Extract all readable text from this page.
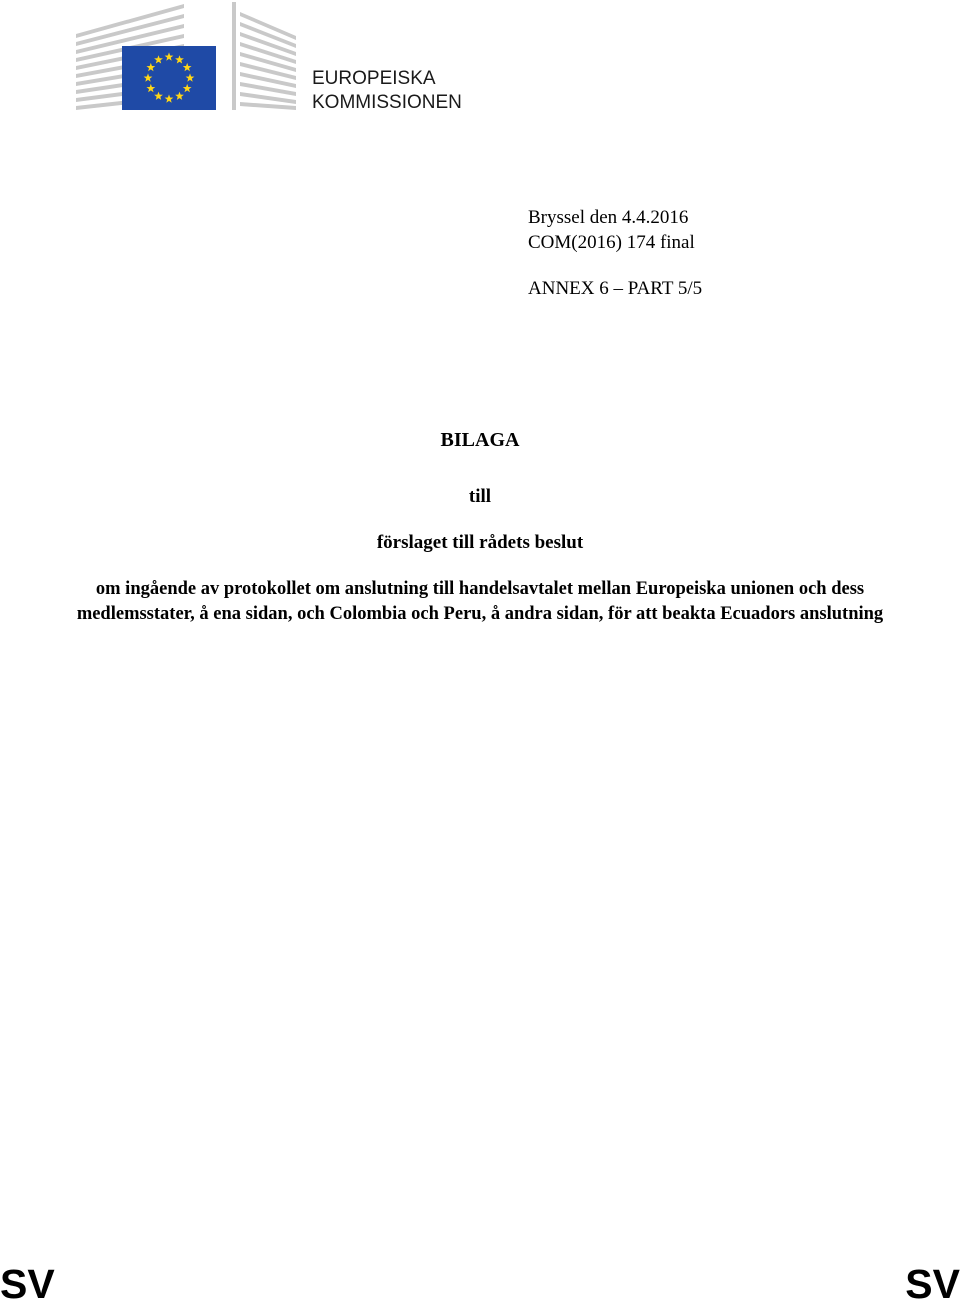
EUROPEISKA
KOMMISSIONEN
Bryssel den 4.4.2016
COM(2016) 174 final
ANNEX 6 – PART 5/5
BILAGA
till
förslaget till rådets beslut
om ingående av protokollet om anslutning till handelsavtalet mellan Europeiska unionen och dess medlemsstater, å ena sidan, och Colombia och Peru, å andra sidan, för att beakta Ecuadors anslutning
SV	SV
